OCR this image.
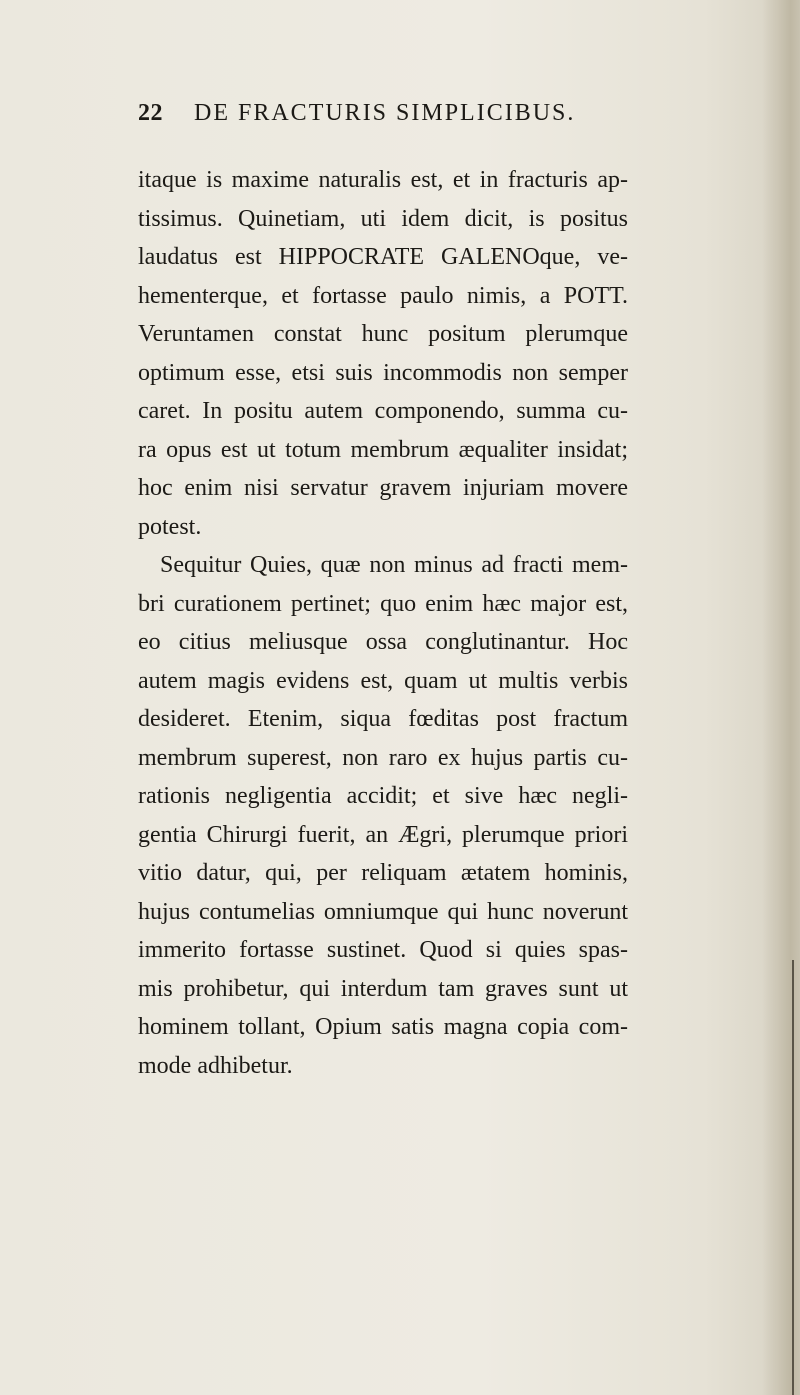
22 DE FRACTURIS SIMPLICIBUS.
itaque is maxime naturalis est, et in fracturis ap-
tissimus. Quinetiam, uti idem dicit, is positus
laudatus est HIPPOCRATE GALENOque, ve-
hementerque, et fortasse paulo nimis, a POTT.
Veruntamen constat hunc positum plerumque
optimum esse, etsi suis incommodis non semper
caret. In positu autem componendo, summa cu-
ra opus est ut totum membrum æqualiter insidat;
hoc enim nisi servatur gravem injuriam movere
potest.
Sequitur Quies, quæ non minus ad fracti mem-
bri curationem pertinet; quo enim hæc major est,
eo citius meliusque ossa conglutinantur. Hoc
autem magis evidens est, quam ut multis verbis
desideret. Etenim, siqua fœditas post fractum
membrum superest, non raro ex hujus partis cu-
rationis negligentia accidit; et sive hæc negli-
gentia Chirurgi fuerit, an Ægri, plerumque priori
vitio datur, qui, per reliquam ætatem hominis,
hujus contumelias omniumque qui hunc noverunt
immerito fortasse sustinet. Quod si quies spas-
mis prohibetur, qui interdum tam graves sunt ut
hominem tollant, Opium satis magna copia com-
mode adhibetur.
